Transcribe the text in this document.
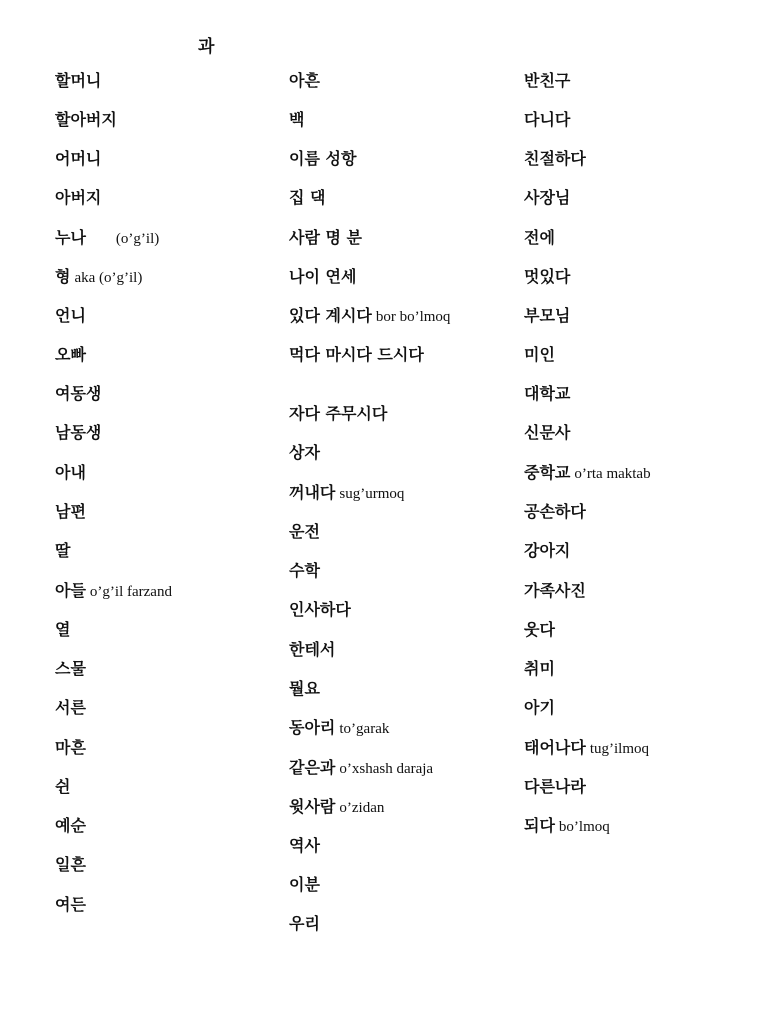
과
할머니
할아버지
어머니
아버지
누나 (o’g’il)
형 aka (o’g’il)
언니
오빠
여동생
남동생
아내
남편
딸
아들 o’g’il farzand
열
스물
서른
마흔
쉰
예순
일흔
여든
아흔
백
이름 성항
집 댁
사람 명 분
나이 연세
있다 계시다 bor bo’lmoq
먹다 마시다 드시다
자다 주무시다
상자
꺼내다 sug’urmoq
운전
수학
인사하다
한테서
뭘요
동아리 to’garak
같은과 o’xshash daraja
윗사람 o’zidan
역사
이분
우리
반친구
다니다
친절하다
사장님
전에
멋있다
부모님
미인
대학교
신문사
중학교 o’rta maktab
공손하다
강아지
가족사진
웃다
취미
아기
태어나다 tug’ilmoq
다른나라
되다 bo’lmoq
